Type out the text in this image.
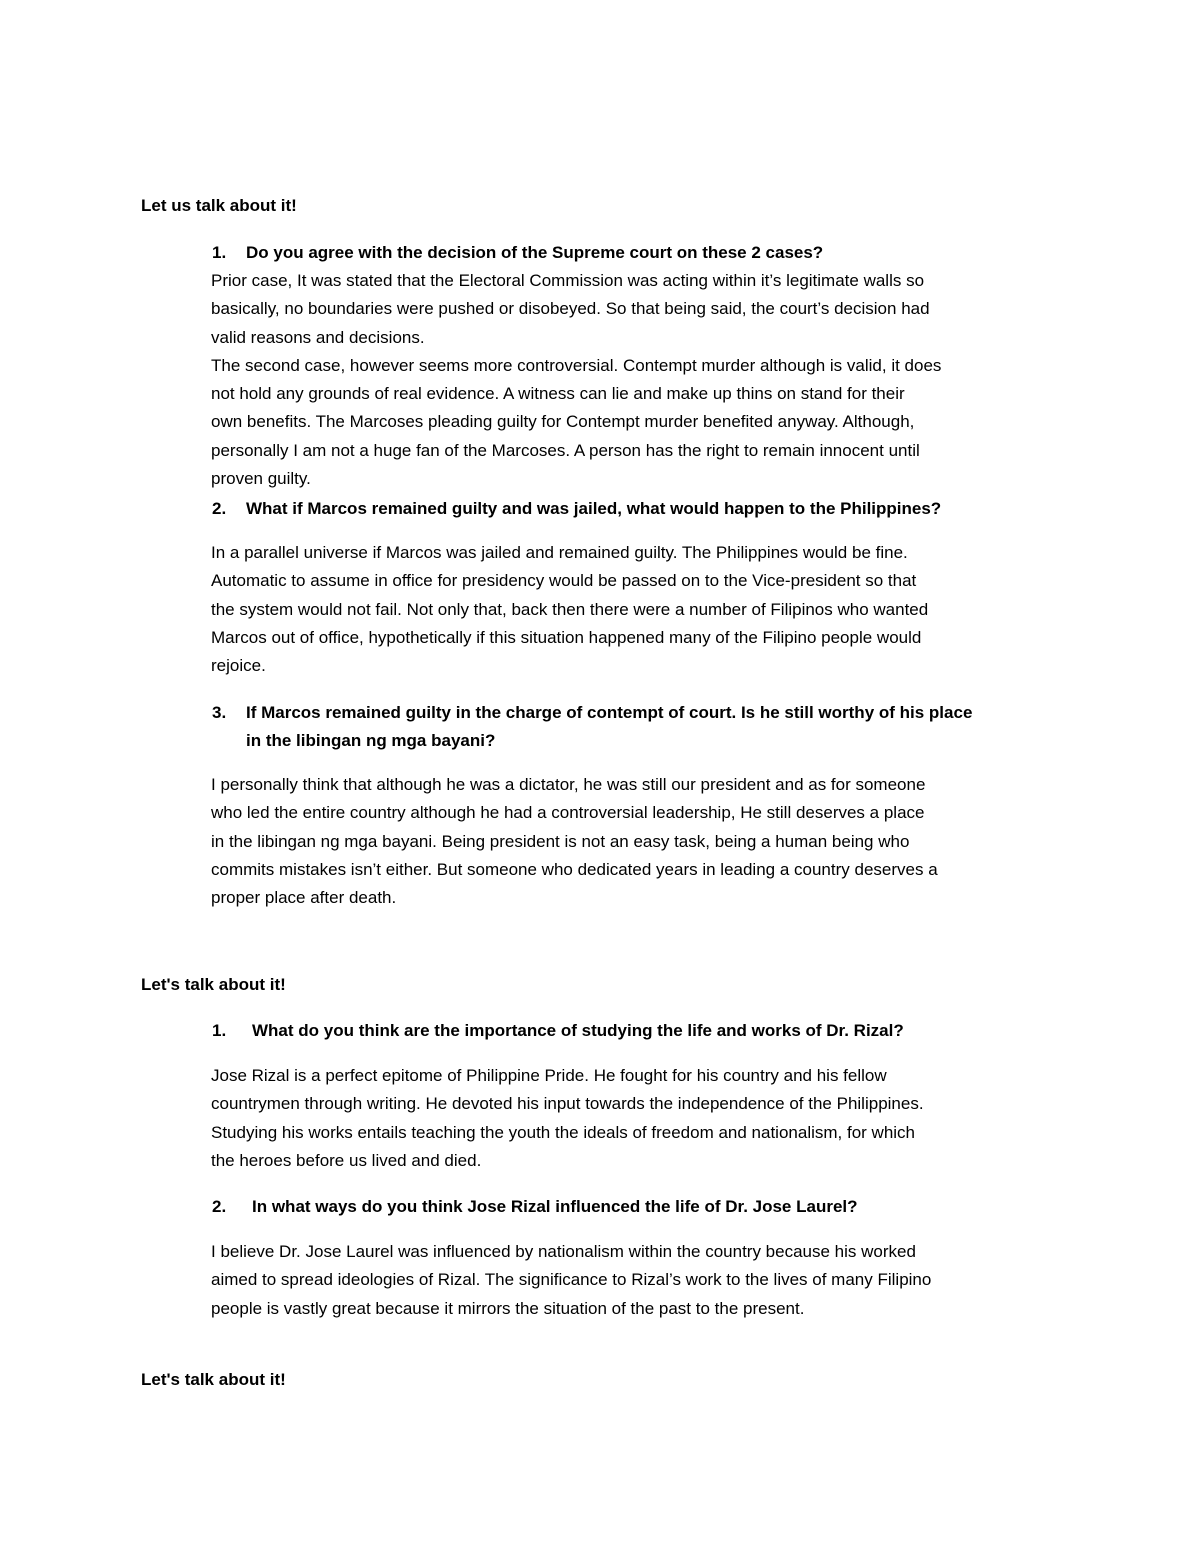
Let us talk about it!
1.	Do you agree with the decision of the Supreme court on these 2 cases?
Prior case, It was stated that the Electoral Commission was acting within it’s legitimate walls so
basically, no boundaries were pushed or disobeyed. So that being said, the court’s decision had
valid reasons and decisions.
The second case, however seems more controversial. Contempt murder although is valid, it does
not hold any grounds of real evidence. A witness can lie and make up thins on stand for their
own benefits. The Marcoses pleading guilty for Contempt murder benefited anyway. Although,
personally I am not a huge fan of the Marcoses. A person has the right to remain innocent until
proven guilty.
2.	What if Marcos remained guilty and was jailed, what would happen to the Philippines?
In a parallel universe if Marcos was jailed and remained guilty. The Philippines would be fine.
Automatic to assume in office for presidency would be passed on to the Vice-president so that
the system would not fail. Not only that, back then there were a number of Filipinos who wanted
Marcos out of office, hypothetically if this situation happened many of the Filipino people would
rejoice.
3.	If Marcos remained guilty in the charge of contempt of court. Is he still worthy of his place
in the libingan ng mga bayani?
I personally think that although he was a dictator, he was still our president and as for someone
who led the entire country although he had a controversial leadership, He still deserves a place
in the libingan ng mga bayani. Being president is not an easy task, being a human being who
commits mistakes isn’t either. But someone who dedicated years in leading a country deserves a
proper place after death.
Let's talk about it!
1.	What do you think are the importance of studying the life and works of Dr. Rizal?
Jose Rizal is a perfect epitome of Philippine Pride. He fought for his country and his fellow
countrymen through writing. He devoted his input towards the independence of the Philippines.
Studying his works entails teaching the youth the ideals of freedom and nationalism, for which
the heroes before us lived and died.
2.	In what ways do you think Jose Rizal influenced the life of Dr. Jose Laurel?
I believe Dr. Jose Laurel was influenced by nationalism within the country because his worked
aimed to spread ideologies of Rizal. The significance to Rizal’s work to the lives of many Filipino
people is vastly great because it mirrors the situation of the past to the present.
Let's talk about it!
